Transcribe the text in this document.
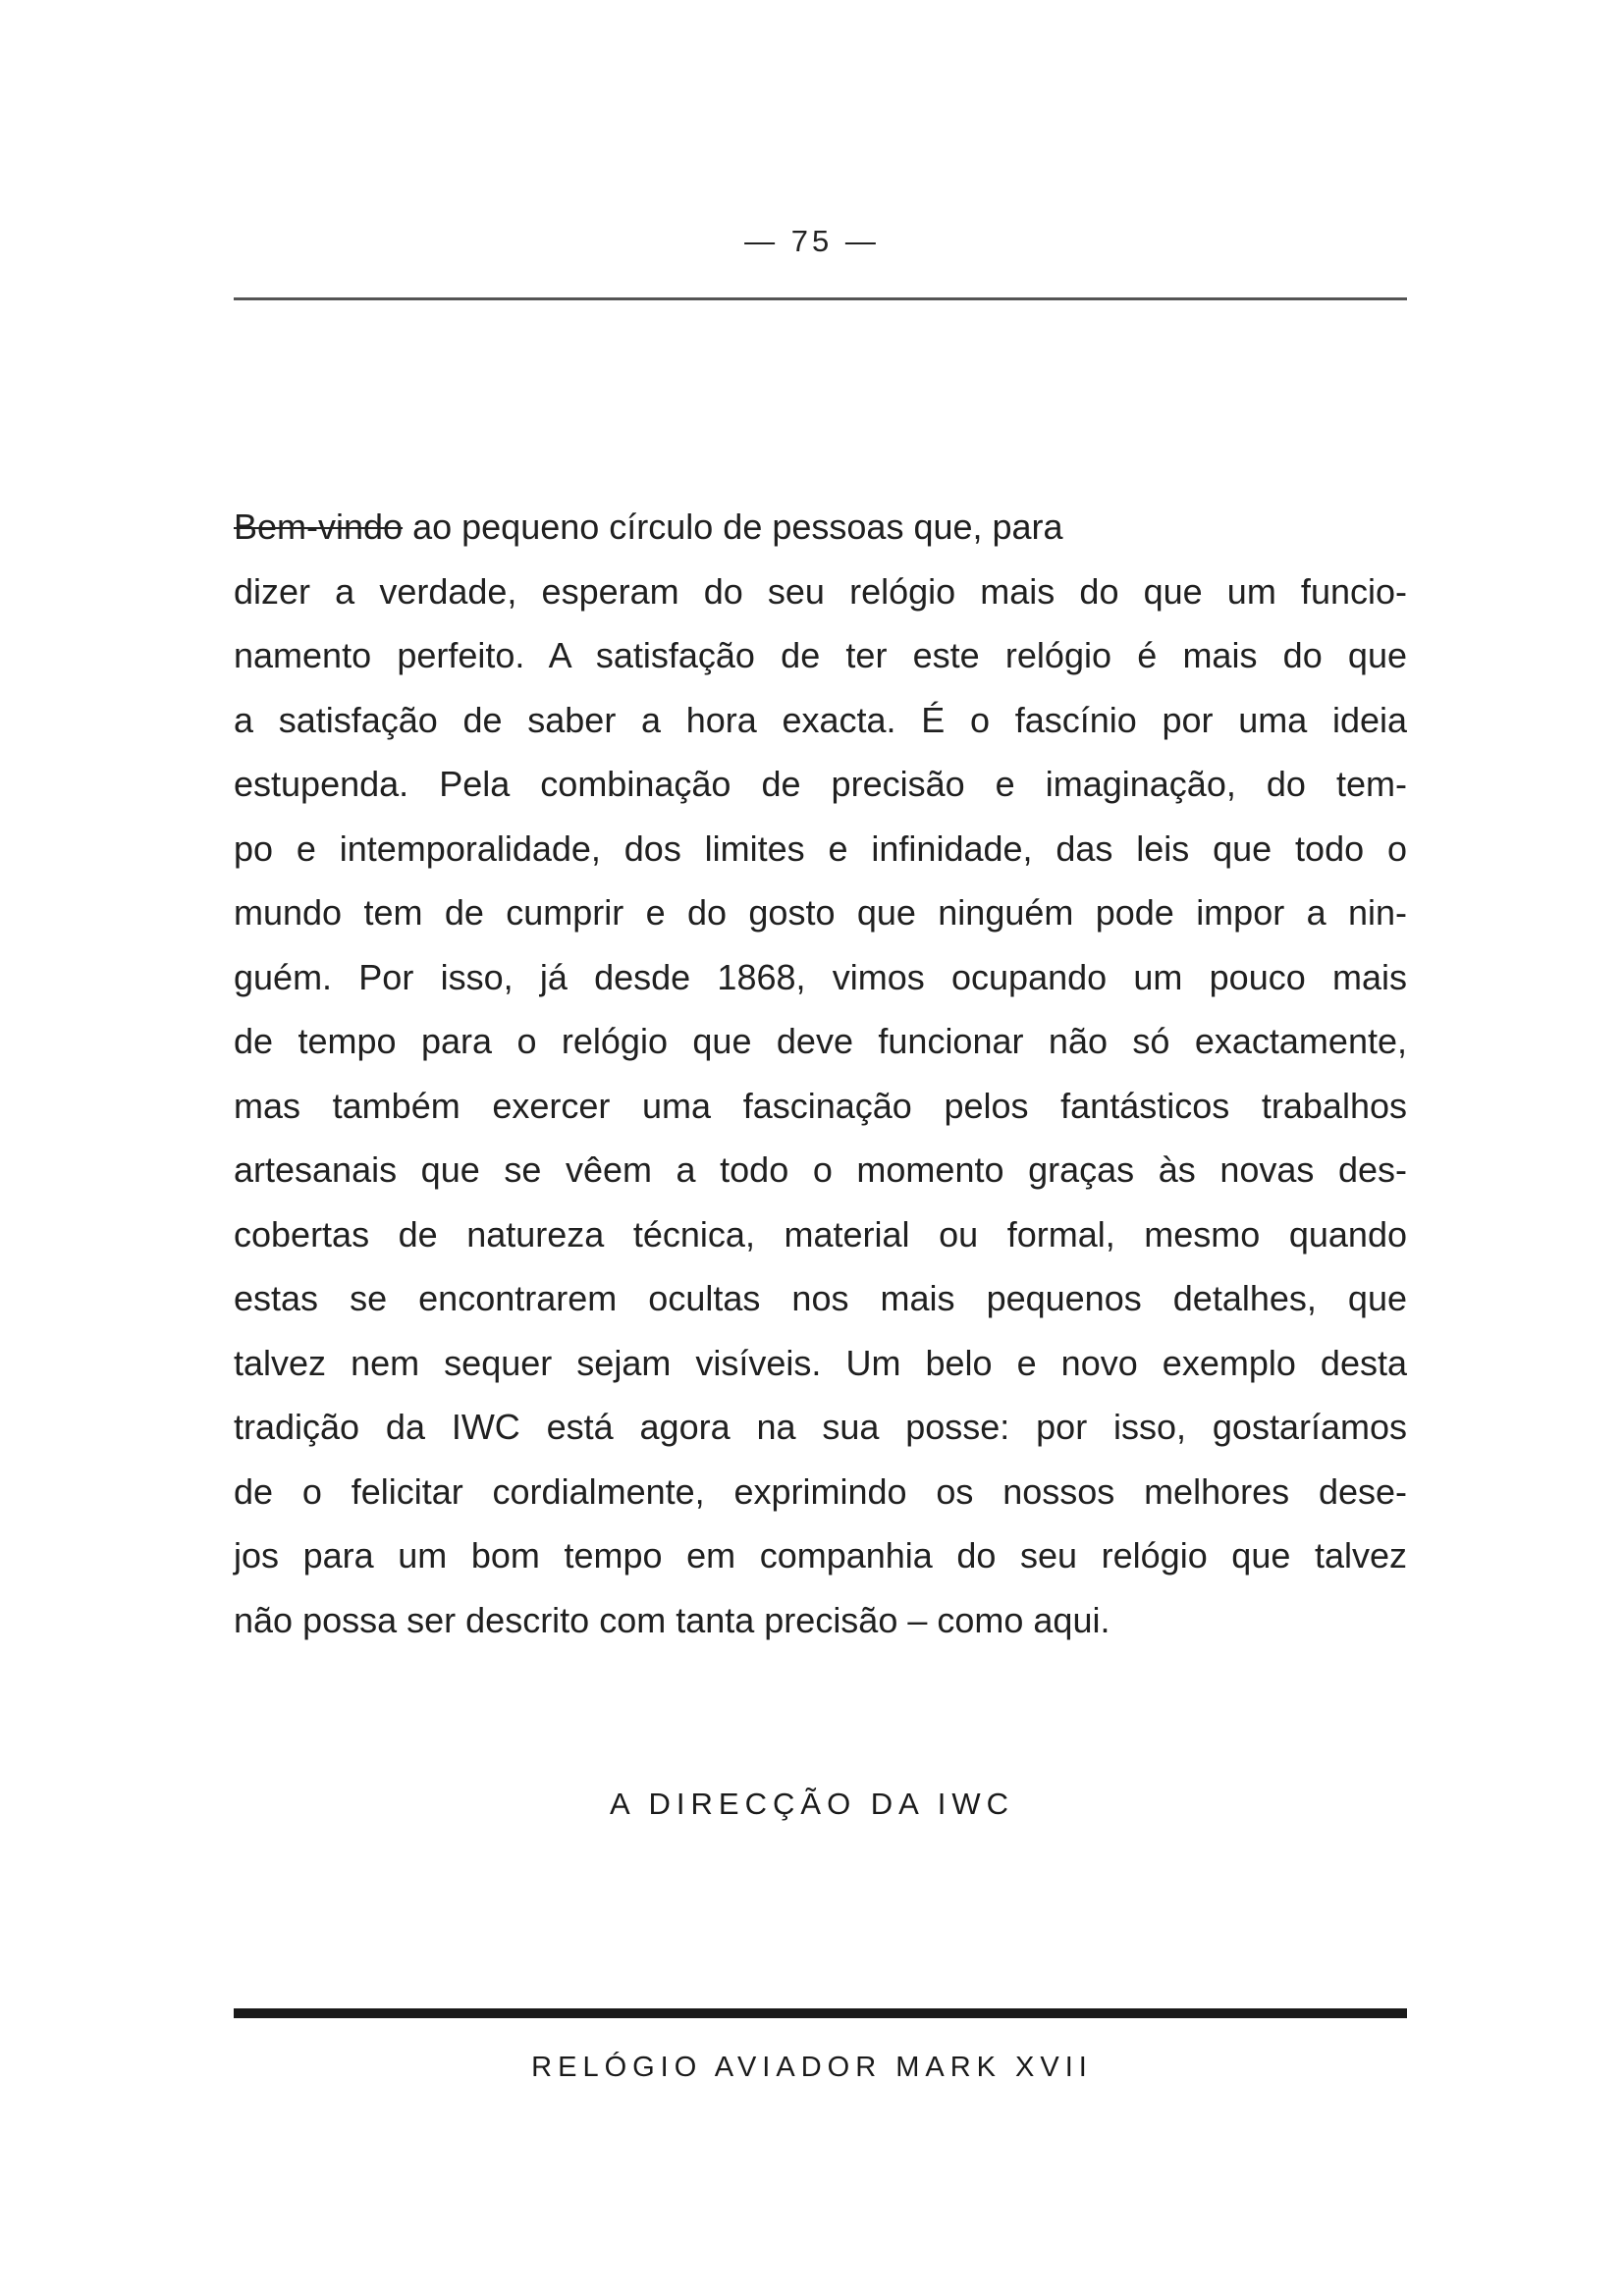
— 75 —
Bem-vindo ao pequeno círculo de pessoas que, para
dizer a verdade, esperam do seu relógio mais do que um funcio-
namento perfeito. A satisfação de ter este relógio é mais do que
a satisfação de saber a hora exacta. É o fascínio por uma ideia
estupenda. Pela combinação de precisão e imaginação, do tem-
po e intemporalidade, dos limites e infinidade, das leis que todo o
mundo tem de cumprir e do gosto que ninguém pode impor a nin-
guém. Por isso, já desde 1868, vimos ocupando um pouco mais
de tempo para o relógio que deve funcionar não só exactamente,
mas também exercer uma fascinação pelos fantásticos trabalhos
artesanais que se vêem a todo o momento graças às novas des-
cobertas de natureza técnica, material ou formal, mesmo quando
estas se encontrarem ocultas nos mais pequenos detalhes, que
talvez nem sequer sejam visíveis. Um belo e novo exemplo desta
tradição da IWC está agora na sua posse: por isso, gostaríamos
de o felicitar cordialmente, exprimindo os nossos melhores dese-
jos para um bom tempo em companhia do seu relógio que talvez
não possa ser descrito com tanta precisão – como aqui.
A DIRECÇÃO DA IWC
RELÓGIO AVIADOR MARK XVII
